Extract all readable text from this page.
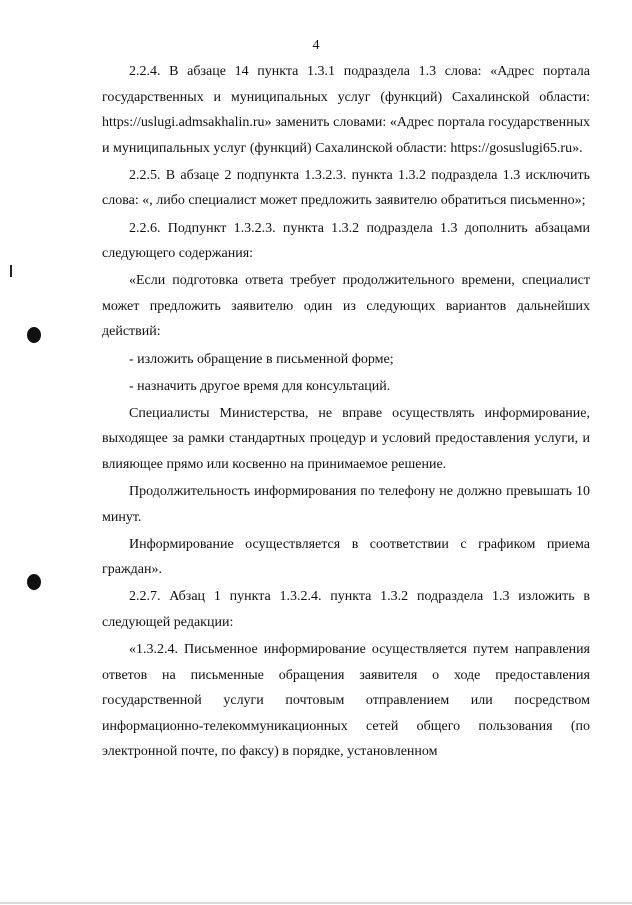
4

2.2.4. В абзаце 14 пункта 1.3.1 подраздела 1.3 слова: «Адрес портала государственных и муниципальных услуг (функций) Сахалинской области: https://uslugi.admsakhalin.ru» заменить словами: «Адрес портала государственных и муниципальных услуг (функций) Сахалинской области: https://gosuslugi65.ru».

2.2.5. В абзаце 2 подпункта 1.3.2.3. пункта 1.3.2 подраздела 1.3 исключить слова: «, либо специалист может предложить заявителю обратиться письменно»;

2.2.6. Подпункт 1.3.2.3. пункта 1.3.2 подраздела 1.3 дополнить абзацами следующего содержания:

«Если подготовка ответа требует продолжительного времени, специалист может предложить заявителю один из следующих вариантов дальнейших действий:

- изложить обращение в письменной форме;

- назначить другое время для консультаций.

Специалисты Министерства, не вправе осуществлять информирование, выходящее за рамки стандартных процедур и условий предоставления услуги, и влияющее прямо или косвенно на принимаемое решение.

Продолжительность информирования по телефону не должно превышать 10 минут.

Информирование осуществляется в соответствии с графиком приема граждан».

2.2.7. Абзац 1 пункта 1.3.2.4. пункта 1.3.2 подраздела 1.3 изложить в следующей редакции:

«1.3.2.4. Письменное информирование осуществляется путем направления ответов на письменные обращения заявителя о ходе предоставления государственной услуги почтовым отправлением или посредством информационно-телекоммуникационных сетей общего пользования (по электронной почте, по факсу) в порядке, установленном
